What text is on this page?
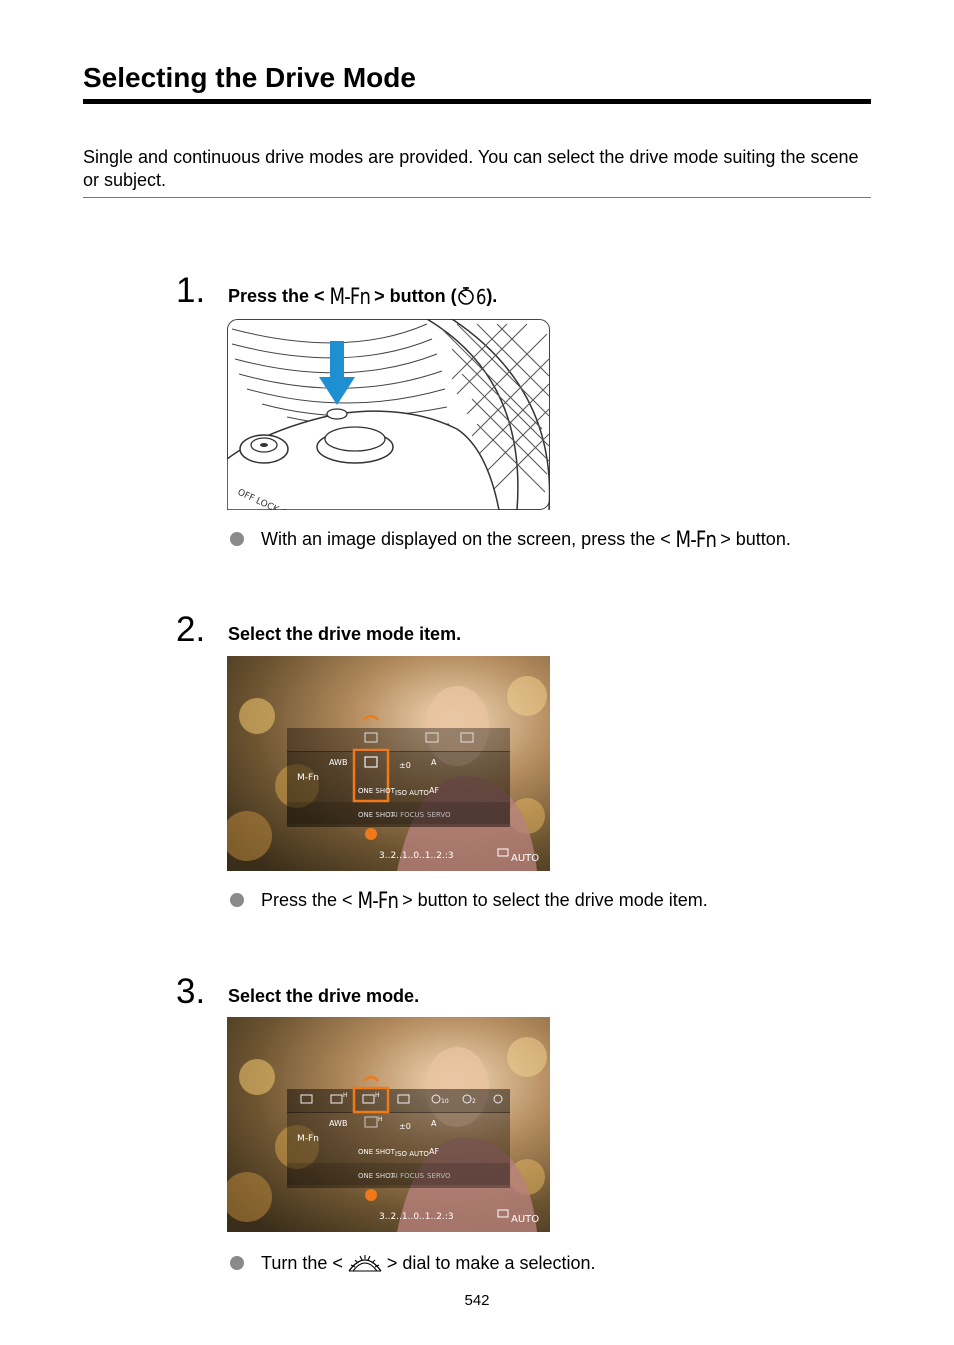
Selecting the Drive Mode

Single and continuous drive modes are provided. You can select the drive mode suiting the scene or subject.

1. Press the < M-Fn > button ( 6).
OFF LOCK ON
With an image displayed on the screen, press the < M-Fn > button.
2. Select the drive mode item.
M-Fn
AWB	±0	A
ONE SHOT ISO AUTO AF
ONE SHOT
AI FOCUS SERVO
3..2..1..0..1..2.:3	AUTO
Press the < M-Fn > button to select the drive mode item.
3. Select the drive mode.
H	H
10	2
M-Fn
AWB	H
±0	A
ONE SHOT ISO AUTO AF
ONE SHOT
AI FOCUS SERVO
3..2..1..0..1..2.:3	AUTO
Turn the < > dial to make a selection.
542
